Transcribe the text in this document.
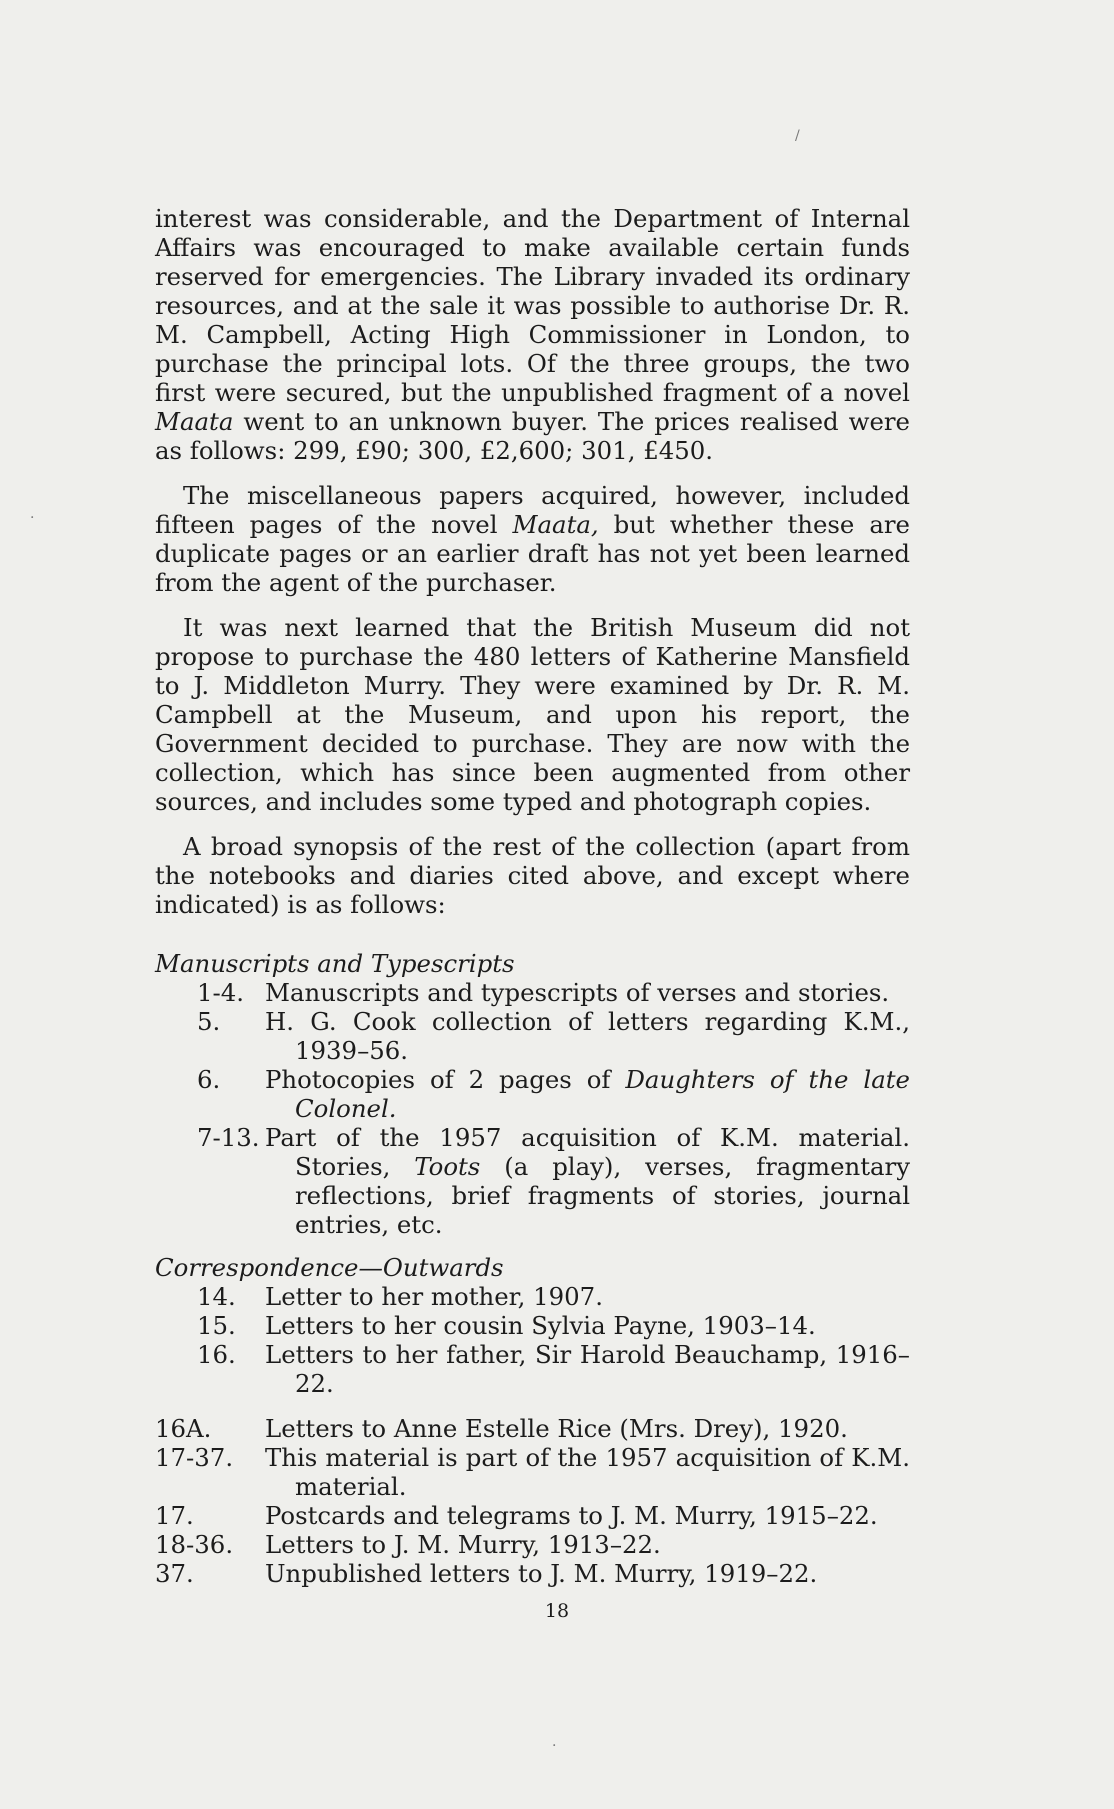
/
·
·

interest was considerable, and the Department of Internal Affairs was encouraged to make available certain funds reserved for emergencies. The Library invaded its ordinary resources, and at the sale it was possible to authorise Dr. R. M. Campbell, Acting High Commissioner in London, to purchase the principal lots. Of the three groups, the two first were secured, but the unpublished fragment of a novel Maata went to an unknown buyer. The prices realised were as follows: 299, £90; 300, £2,600; 301, £450.

The miscellaneous papers acquired, however, included fifteen pages of the novel Maata, but whether these are duplicate pages or an earlier draft has not yet been learned from the agent of the purchaser.

It was next learned that the British Museum did not propose to purchase the 480 letters of Katherine Mansfield to J. Middleton Murry. They were examined by Dr. R. M. Campbell at the Museum, and upon his report, the Government decided to purchase. They are now with the collection, which has since been augmented from other sources, and includes some typed and photograph copies.

A broad synopsis of the rest of the collection (apart from the notebooks and diaries cited above, and except where indicated) is as follows:

Manuscripts and Typescripts

1-4. Manuscripts and typescripts of verses and stories.
5.	H. G. Cook collection of letters regarding K.M., 1939–56.
6.	Photocopies of 2 pages of Daughters of the late Colonel.
7-13. Part of the 1957 acquisition of K.M. material. Stories, Toots (a play), verses, fragmentary reflections, brief fragments of stories, journal entries, etc.

Correspondence—Outwards

14.	Letter to her mother, 1907.
15.	Letters to her cousin Sylvia Payne, 1903–14.
16.	Letters to her father, Sir Harold Beauchamp, 1916–22.
16A.	Letters to Anne Estelle Rice (Mrs. Drey), 1920.
17-37.	This material is part of the 1957 acquisition of K.M. material.
17.	Postcards and telegrams to J. M. Murry, 1915–22.
18-36.	Letters to J. M. Murry, 1913–22.
37.	Unpublished letters to J. M. Murry, 1919–22.
18
